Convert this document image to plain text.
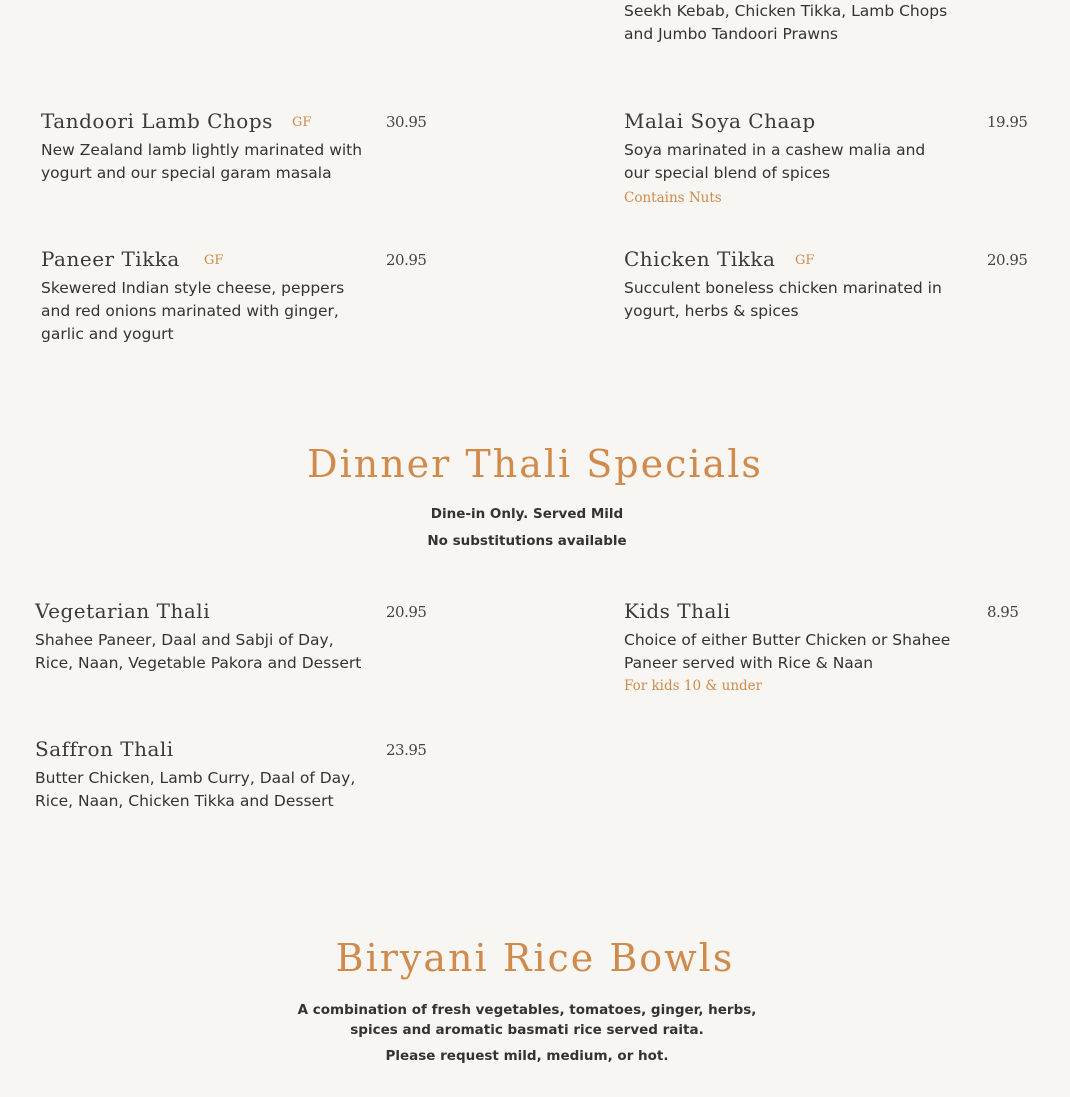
Seekh Kebab, Chicken Tikka, Lamb Chops
and Jumbo Tandoori Prawns
Tandoori Lamb Chops GF	30.95
New Zealand lamb lightly marinated with yogurt and our special garam masala
Malai Soya Chaap	19.95
Soya marinated in a cashew malia and our special blend of spices
Contains Nuts
Paneer Tikka GF	20.95
Skewered Indian style cheese, peppers and red onions marinated with ginger, garlic and yogurt
Chicken Tikka GF	20.95
Succulent boneless chicken marinated in yogurt, herbs & spices
Dinner Thali Specials
Dine-in Only. Served Mild
No substitutions available
Vegetarian Thali	20.95
Shahee Paneer, Daal and Sabji of Day, Rice, Naan, Vegetable Pakora and Dessert
Kids Thali	8.95
Choice of either Butter Chicken or Shahee Paneer served with Rice & Naan
For kids 10 & under
Saffron Thali	23.95
Butter Chicken, Lamb Curry, Daal of Day, Rice, Naan, Chicken Tikka and Dessert
Biryani Rice Bowls
A combination of fresh vegetables, tomatoes, ginger, herbs,
spices and aromatic basmati rice served raita.
Please request mild, medium, or hot.
